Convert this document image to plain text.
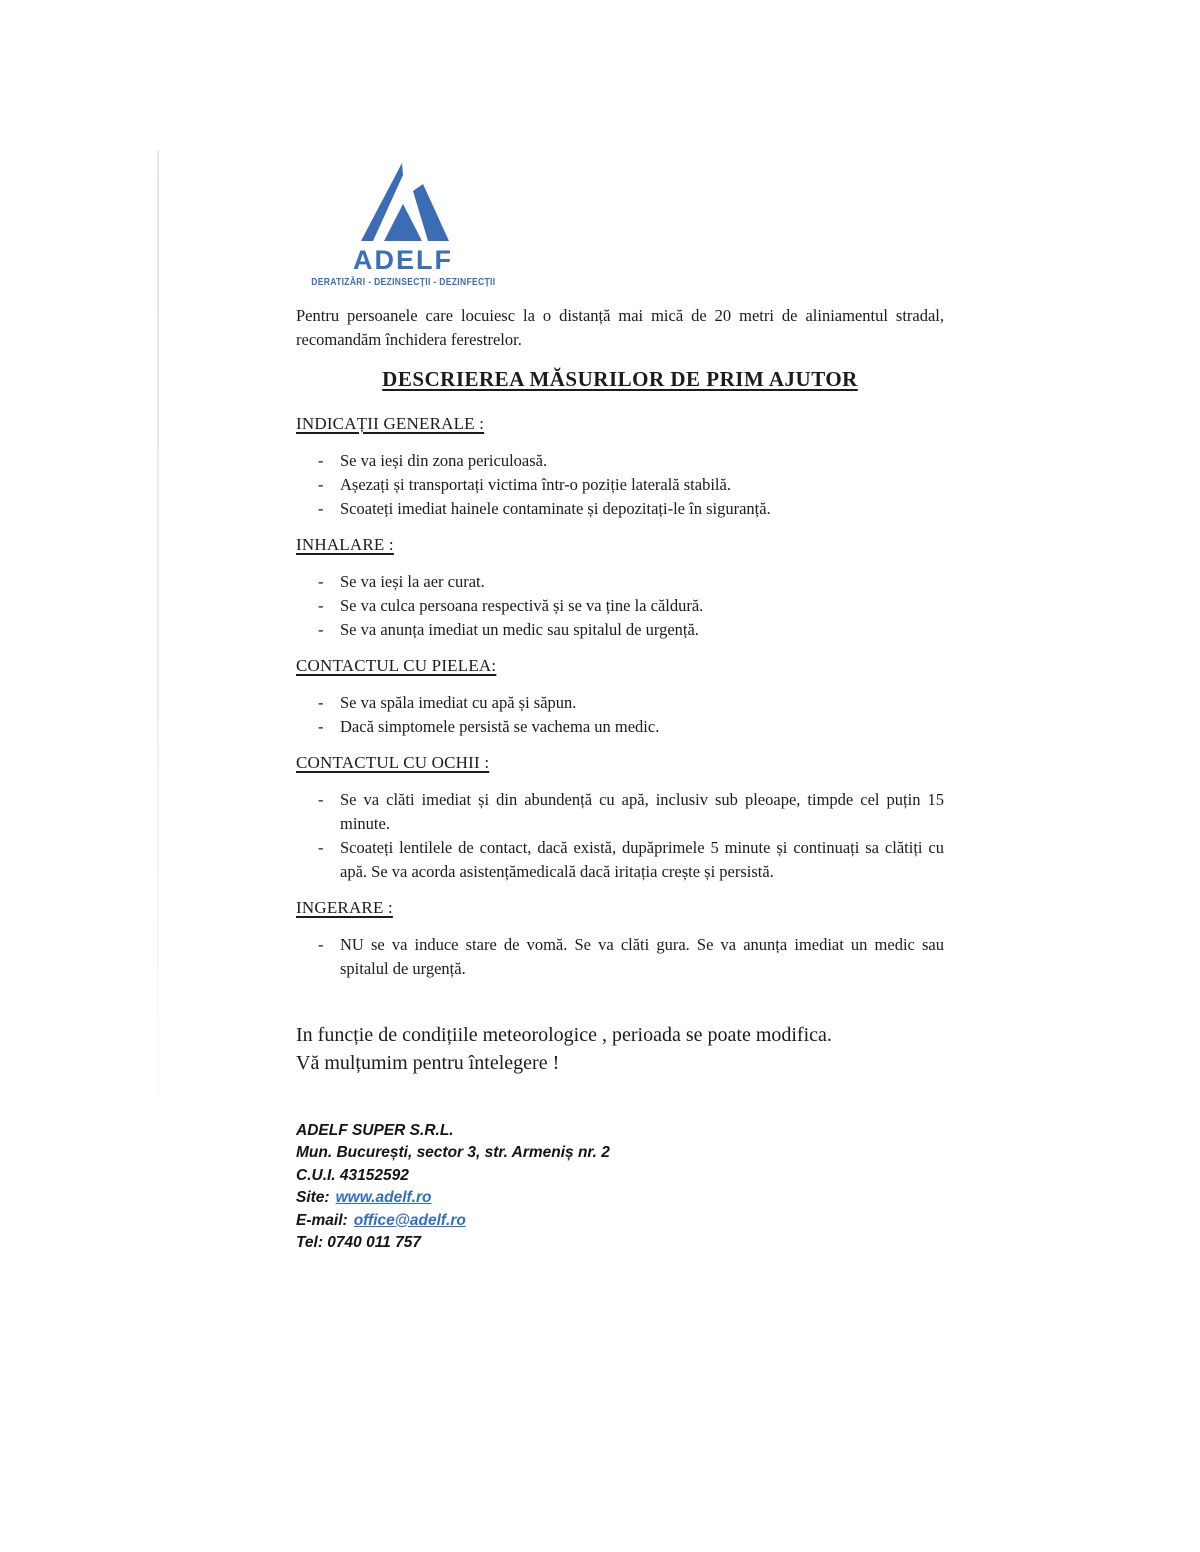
ADELF
DERATIZĂRI - DEZINSECȚII - DEZINFECȚII

Pentru persoanele care locuiesc la o distanță mai mică de 20 metri de aliniamentul stradal, recomandăm închidera ferestrelor.

DESCRIEREA MĂSURILOR DE PRIM AJUTOR
INDICAȚII GENERALE :
-	Se va ieși din zona periculoasă.
-	Așezați și transportați victima într-o poziție laterală stabilă.
-	Scoateți imediat hainele contaminate și depozitați-le în siguranță.
INHALARE :
-	Se va ieși la aer curat.
-	Se va culca persoana respectivă și se va ține la căldură.
-	Se va anunța imediat un medic sau spitalul de urgență.
CONTACTUL CU PIELEA:
-	Se va spăla imediat cu apă și săpun.
-	Dacă simptomele persistă se vachema un medic.
CONTACTUL CU OCHII :
-	Se va clăti imediat și din abundență cu apă, inclusiv sub pleoape, timpde cel puțin 15 minute.
-	Scoateți lentilele de contact, dacă există, dupăprimele 5 minute și continuați sa clătiți cu apă. Se va acorda asistențămedicală dacă iritația crește și persistă.
INGERARE :
-	NU se va induce stare de vomă. Se va clăti gura. Se va anunța imediat un medic sau spitalul de urgență.
In funcție de condițiile meteorologice , perioada se poate modifica.
Vă mulțumim pentru întelegere !
ADELF SUPER S.R.L.
Mun. București, sector 3, str. Armeniș nr. 2
C.U.I. 43152592
Site: www.adelf.ro
E-mail: office@adelf.ro
Tel: 0740 011 757
